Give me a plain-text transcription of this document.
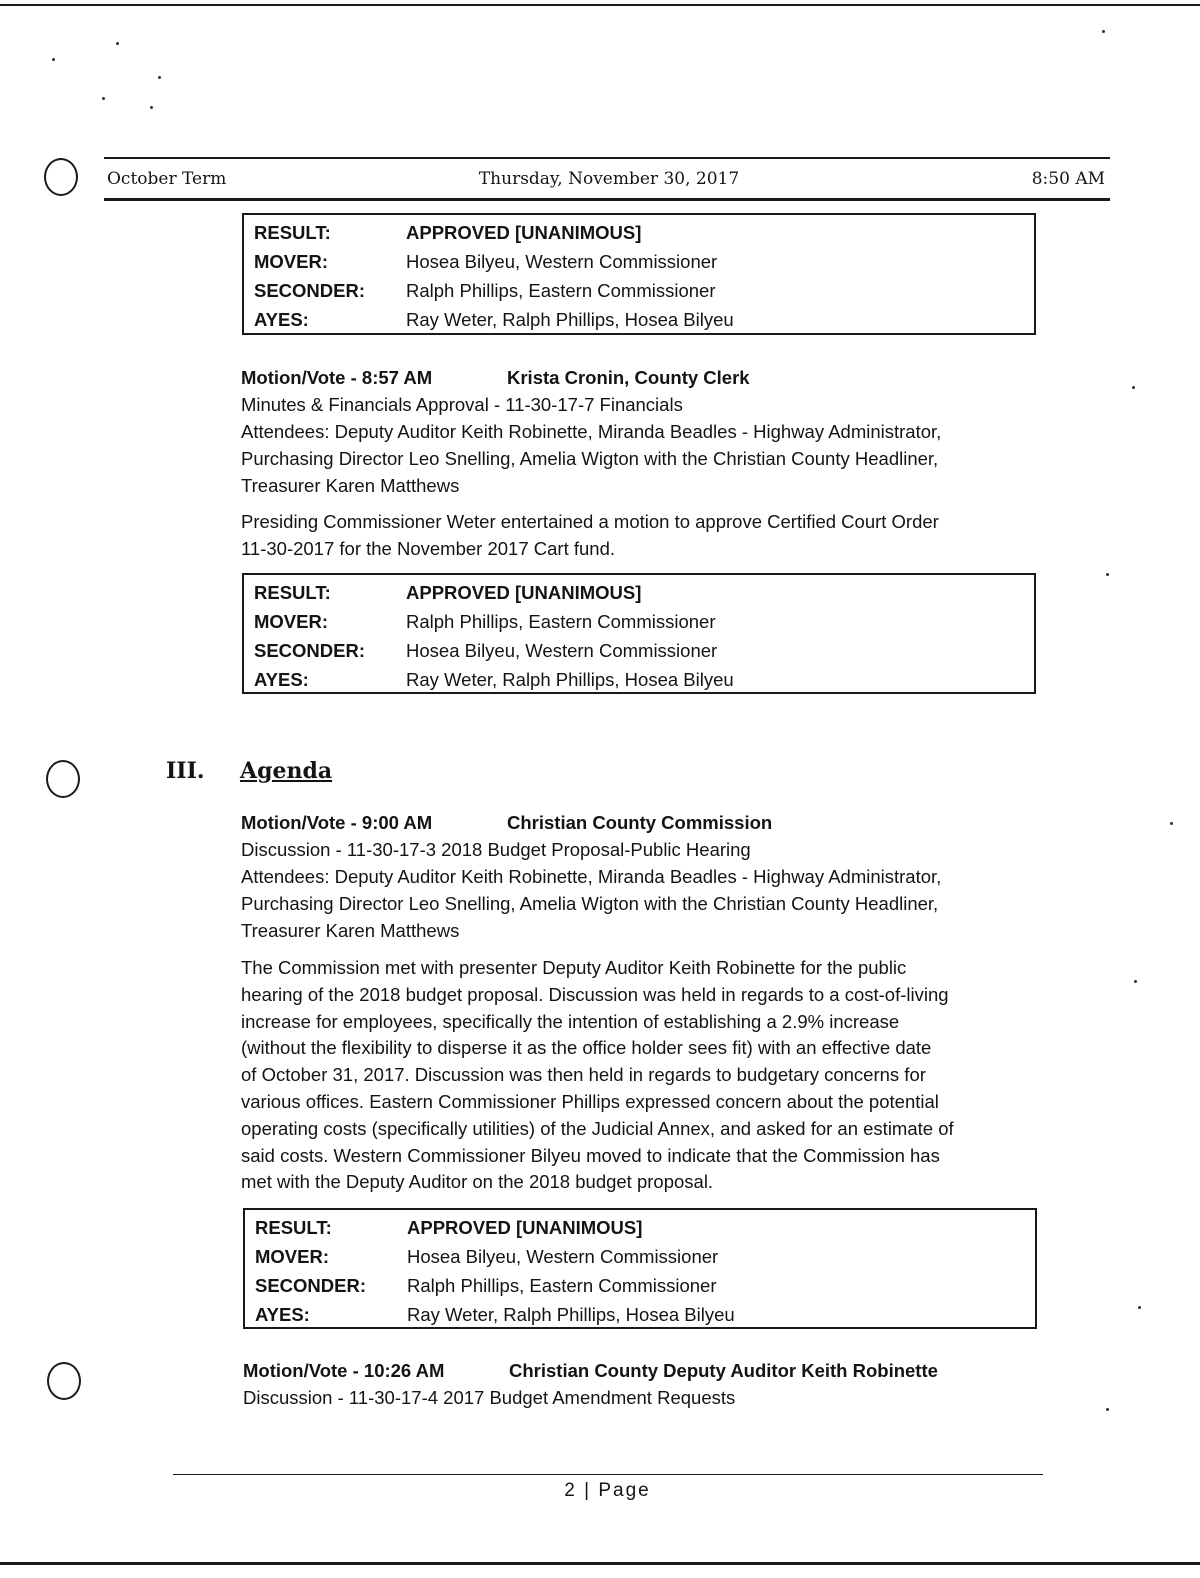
October Term	Thursday, November 30, 2017	8:50 AM
RESULT:	APPROVED [UNANIMOUS]
MOVER:	Hosea Bilyeu, Western Commissioner
SECONDER: Ralph Phillips, Eastern Commissioner
AYES:	Ray Weter, Ralph Phillips, Hosea Bilyeu
Motion/Vote - 8:57 AM	Krista Cronin, County Clerk
Minutes & Financials Approval - 11-30-17-7 Financials
Attendees: Deputy Auditor Keith Robinette, Miranda Beadles - Highway Administrator,
Purchasing Director Leo Snelling, Amelia Wigton with the Christian County Headliner,
Treasurer Karen Matthews
Presiding Commissioner Weter entertained a motion to approve Certified Court Order
11-30-2017 for the November 2017 Cart fund.
RESULT:	APPROVED [UNANIMOUS]
MOVER:	Ralph Phillips, Eastern Commissioner
SECONDER: Hosea Bilyeu, Western Commissioner
AYES:	Ray Weter, Ralph Phillips, Hosea Bilyeu
III. Agenda
Motion/Vote - 9:00 AM	Christian County Commission
Discussion - 11-30-17-3 2018 Budget Proposal-Public Hearing
Attendees: Deputy Auditor Keith Robinette, Miranda Beadles - Highway Administrator,
Purchasing Director Leo Snelling, Amelia Wigton with the Christian County Headliner,
Treasurer Karen Matthews
The Commission met with presenter Deputy Auditor Keith Robinette for the public
hearing of the 2018 budget proposal. Discussion was held in regards to a cost-of-living
increase for employees, specifically the intention of establishing a 2.9% increase
(without the flexibility to disperse it as the office holder sees fit) with an effective date
of October 31, 2017. Discussion was then held in regards to budgetary concerns for
various offices. Eastern Commissioner Phillips expressed concern about the potential
operating costs (specifically utilities) of the Judicial Annex, and asked for an estimate of
said costs. Western Commissioner Bilyeu moved to indicate that the Commission has
met with the Deputy Auditor on the 2018 budget proposal.
RESULT:	APPROVED [UNANIMOUS]
MOVER:	Hosea Bilyeu, Western Commissioner
SECONDER: Ralph Phillips, Eastern Commissioner
AYES:	Ray Weter, Ralph Phillips, Hosea Bilyeu
Motion/Vote - 10:26 AM	Christian County Deputy Auditor Keith Robinette
Discussion - 11-30-17-4 2017 Budget Amendment Requests
2 | Page
